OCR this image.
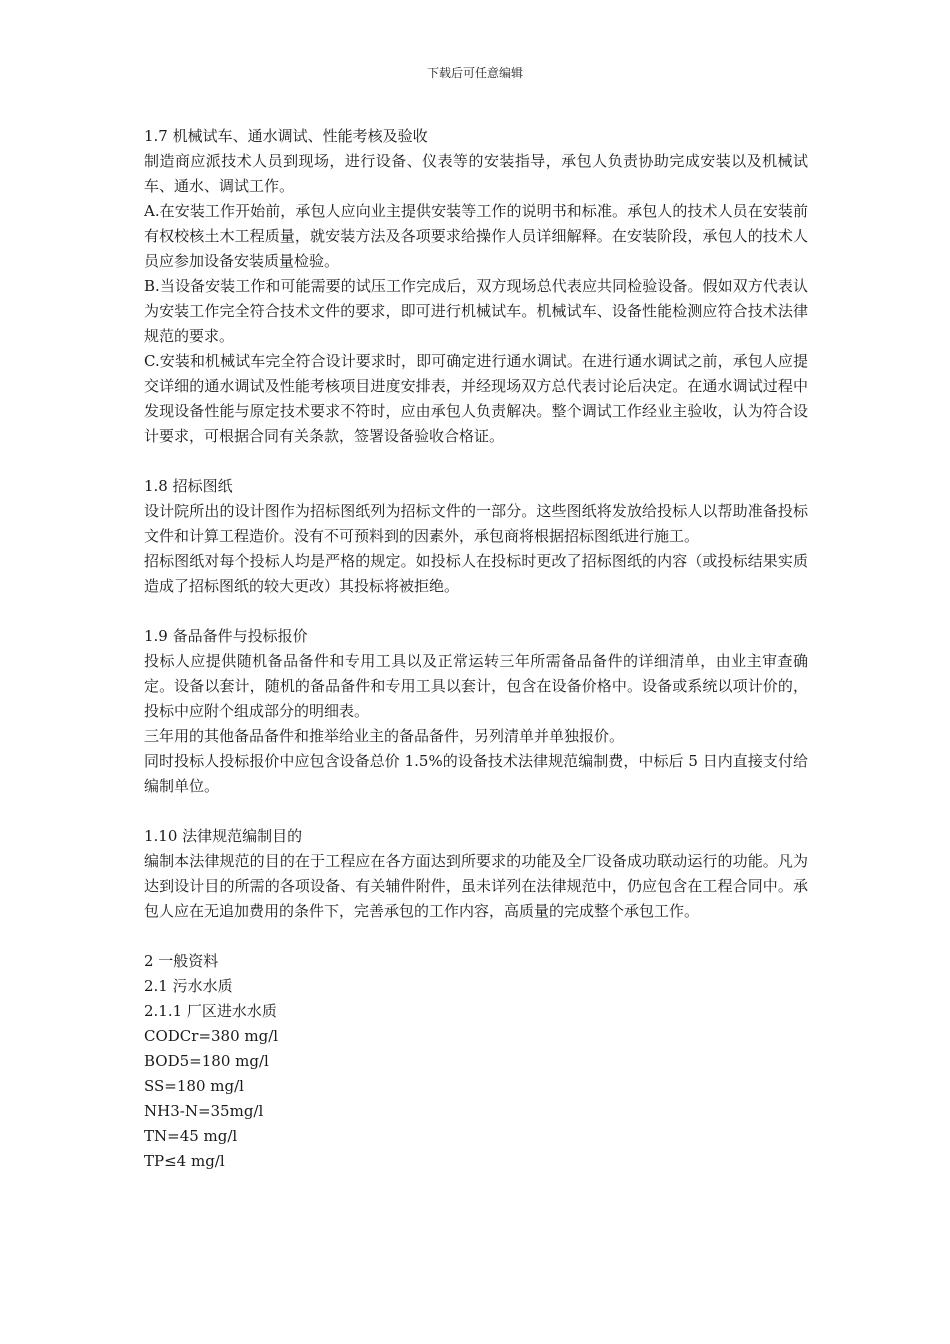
下载后可任意编辑

1.7 机械试车、通水调试、性能考核及验收

制造商应派技术人员到现场，进行设备、仪表等的安装指导，承包人负责协助完成安装以及机械试车、通水、调试工作。

A.在安装工作开始前，承包人应向业主提供安装等工作的说明书和标准。承包人的技术人员在安装前有权校核土木工程质量，就安装方法及各项要求给操作人员详细解释。在安装阶段，承包人的技术人员应参加设备安装质量检验。

B.当设备安装工作和可能需要的试压工作完成后，双方现场总代表应共同检验设备。假如双方代表认为安装工作完全符合技术文件的要求，即可进行机械试车。机械试车、设备性能检测应符合技术法律规范的要求。

C.安装和机械试车完全符合设计要求时，即可确定进行通水调试。在进行通水调试之前，承包人应提交详细的通水调试及性能考核项目进度安排表，并经现场双方总代表讨论后决定。在通水调试过程中发现设备性能与原定技术要求不符时，应由承包人负责解决。整个调试工作经业主验收，认为符合设计要求，可根据合同有关条款，签署设备验收合格证。

1.8 招标图纸

设计院所出的设计图作为招标图纸列为招标文件的一部分。这些图纸将发放给投标人以帮助准备投标文件和计算工程造价。没有不可预料到的因素外，承包商将根据招标图纸进行施工。

招标图纸对每个投标人均是严格的规定。如投标人在投标时更改了招标图纸的内容（或投标结果实质造成了招标图纸的较大更改）其投标将被拒绝。

1.9 备品备件与投标报价

投标人应提供随机备品备件和专用工具以及正常运转三年所需备品备件的详细清单，由业主审查确定。设备以套计，随机的备品备件和专用工具以套计，包含在设备价格中。设备或系统以项计价的，投标中应附个组成部分的明细表。

三年用的其他备品备件和推举给业主的备品备件，另列清单并单独报价。

同时投标人投标报价中应包含设备总价 1.5%的设备技术法律规范编制费，中标后 5 日内直接支付给编制单位。

1.10 法律规范编制目的

编制本法律规范的目的在于工程应在各方面达到所要求的功能及全厂设备成功联动运行的功能。凡为达到设计目的所需的各项设备、有关辅件附件，虽未详列在法律规范中，仍应包含在工程合同中。承包人应在无追加费用的条件下，完善承包的工作内容，高质量的完成整个承包工作。

2 一般资料

2.1 污水水质

2.1.1 厂区进水水质

CODCr=380 mg/l

BOD5=180 mg/l

SS=180 mg/l

NH3-N=35mg/l

TN=45 mg/l

TP≤4 mg/l
